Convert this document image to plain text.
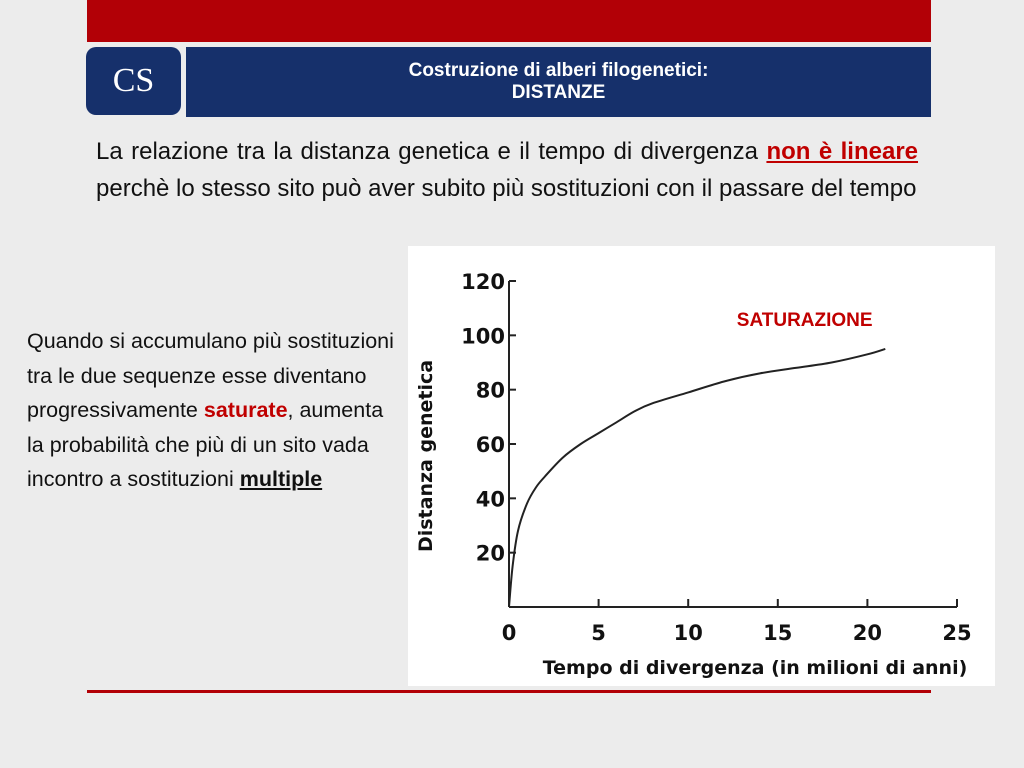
CS	Costruzione di alberi filogenetici:
DISTANZE
La relazione tra la distanza genetica e il tempo di divergenza non è lineare perchè lo stesso sito può aver subito più sostituzioni con il passare del tempo
Quando si accumulano più sostituzioni tra le due sequenze esse diventano progressivamente saturate, aumenta la probabilità che più di un sito vada incontro a sostituzioni multiple
20
40
60
80
100
120
0	5	10	15	20	25
SATURAZIONE
Tempo di divergenza (in milioni di anni)
Distanza genetica
